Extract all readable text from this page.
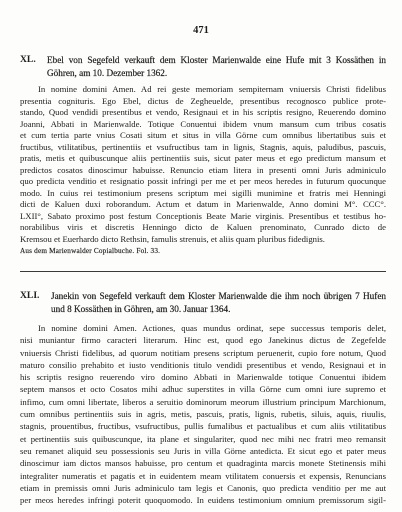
471
XL. Ebel von Segefeld verkauft dem Kloster Marienwalde eine Hufe mit 3 Kossäthen in
Göhren, am 10. Dezember 1362.
In nomine domini Amen. Ad rei geste memoriam sempiternam vniuersis Christi fidelibus
presentia cognituris. Ego Ebel, dictus de Zegheuelde, presentibus recognosco publice prote-
stando, Quod vendidi presentibus et vendo, Resignaui et in his scriptis resigno, Reuerendo domino
Joanni, Abbati in Marienwalde. Totique Conuentui ibidem vnum mansum cum tribus cosatis
et cum tertia parte vnius Cosati situm et situs in villa Görne cum omnibus libertatibus suis et
fructibus, vtilitatibus, pertinentiis et vsufructibus tam in lignis, Stagnis, aquis, paludibus, pascuis,
pratis, metis et quibuscunque aliis pertinentiis suis, sicut pater meus et ego predictum mansum et
predictos cosatos dinoscimur habuisse. Renuncio etiam litera in presenti omni Juris adminiculo
quo predicta venditio et resignatio possit infringi per me et per meos heredes in futurum quocunque
modo. In cuius rei testimonium presens scriptum mei sigilli munimine et fratris mei Henningi
dicti de Kaluen duxi roborandum. Actum et datum in Marienwalde, Anno domini M°. CCC°.
LXII°, Sabato proximo post festum Conceptionis Beate Marie virginis. Presentibus et testibus ho-
norabilibus viris et discretis Henningo dicto de Kaluen prenominato, Cunrado dicto de
Kremsou et Euerhardo dicto Rethsin, famulis strenuis, et aliis quam pluribus fidedignis.
Aus dem Marienwalder Copialbuche. Fol. 33.
XLI. Janekin von Segefeld verkauft dem Kloster Marienwalde die ihm noch übrigen 7 Hufen
und 8 Kossäthen in Göhren, am 30. Januar 1364.
In nomine domini Amen. Actiones, quas mundus ordinat, sepe successus temporis delet,
nisi muniantur firmo caracteri literarum. Hinc est, quod ego Janekinus dictus de Zegefelde
vniuersis Christi fidelibus, ad quorum notitiam presens scriptum peruenerit, cupio fore notum, Quod
maturo consilio prehabito et iusto venditionis titulo vendidi presentibus et vendo, Resignaui et in
his scriptis resigno reuerendo viro domino Abbati in Marienwalde totique Conuentui ibidem
septem mansos et octo Cosatos mihi adhuc superstites in villa Görne cum omni iure supremo et
infimo, cum omni libertate, liberos a seruitio dominorum meorum illustrium principum Marchionum,
cum omnibus pertinentiis suis in agris, metis, pascuis, pratis, lignis, rubetis, siluis, aquis, riuulis,
stagnis, prouentibus, fructibus, vsufructibus, pullis fumalibus et pactualibus et cum aliis vtilitatibus
et pertinentiis suis quibuscunque, ita plane et singulariter, quod nec mihi nec fratri meo remansit
seu remanet aliquid seu possessionis seu Juris in villa Görne antedicta. Et sicut ego et pater meus
dinoscimur iam dictos mansos habuisse, pro centum et quadraginta marcis monete Stetinensis mihi
integraliter numeratis et pagatis et in euidentem meam vtilitatem conuersis et expensis, Renuncians
etiam in premissis omni Juris adminiculo tam legis et Canonis, quo predicta venditio per me aut
per meos heredes infringi poterit quoquomodo. In euidens testimonium omnium premissorum sigil-
